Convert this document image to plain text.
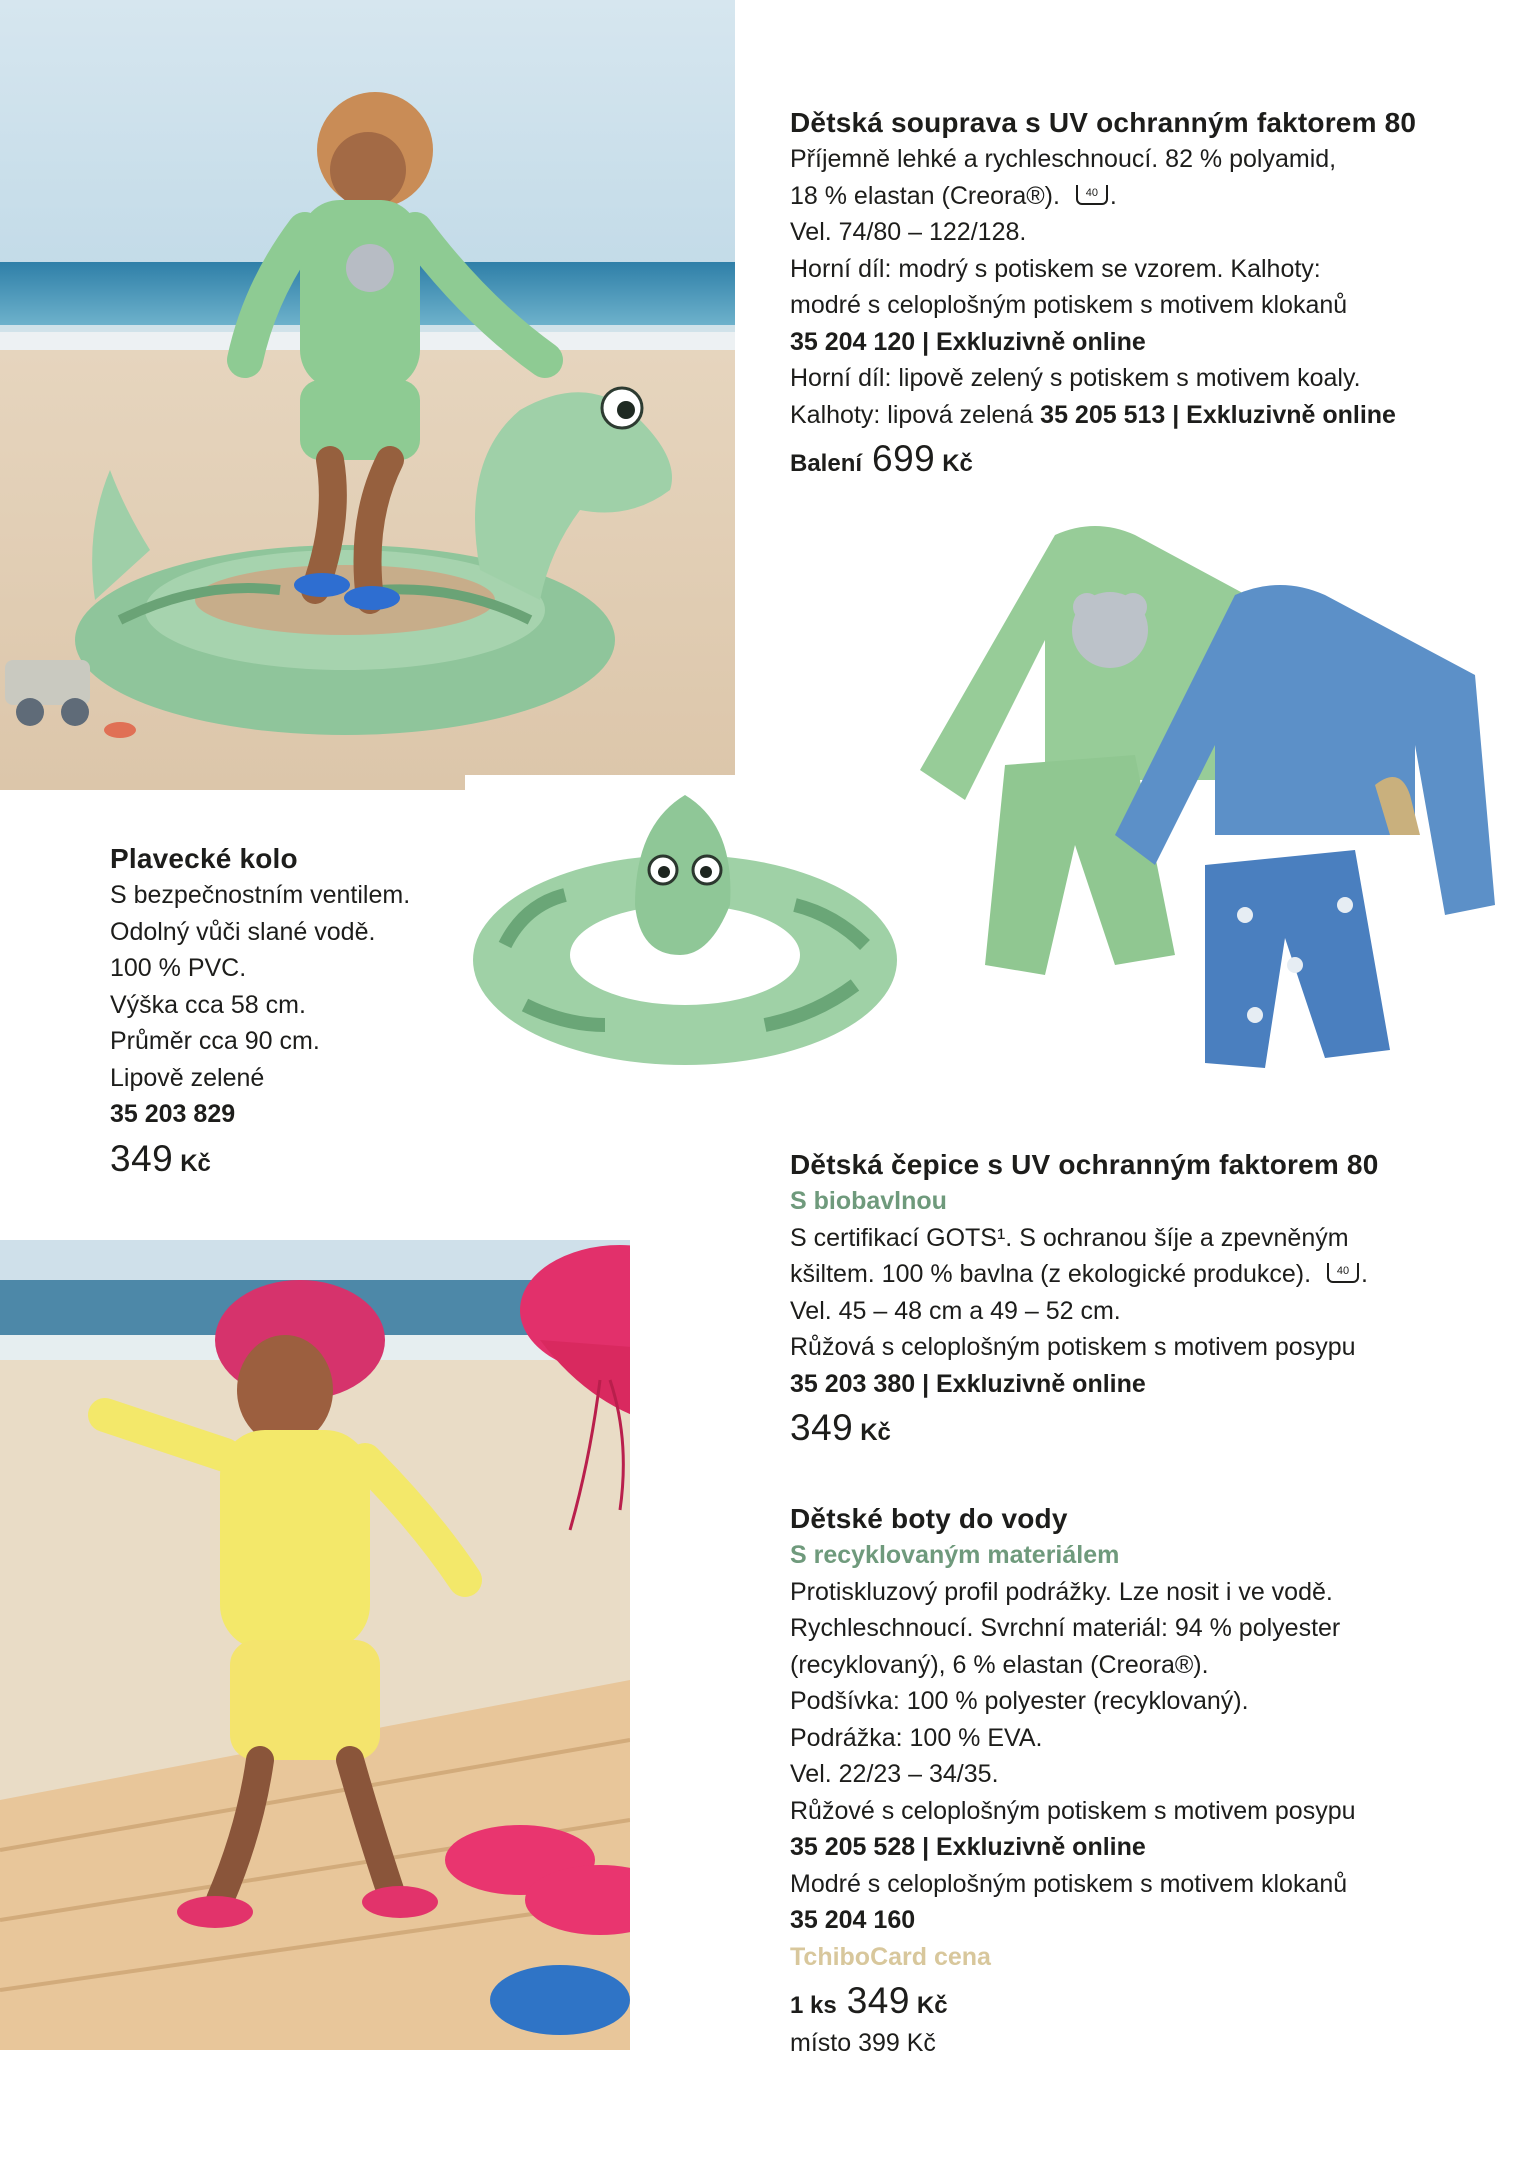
Dětská souprava s UV ochranným faktorem 80
Příjemně lehké a rychleschnoucí. 82 % polyamid,
18 % elastan (Creora®). 40 .
Vel. 74/80 – 122/128.
Horní díl: modrý s potiskem se vzorem. Kalhoty:
modré s celoplošným potiskem s motivem klokanů
35 204 120 | Exkluzivně online
Horní díl: lipově zelený s potiskem s motivem koaly.
Kalhoty: lipová zelená 35 205 513 | Exkluzivně online
Balení 699 Kč
Plavecké kolo
S bezpečnostním ventilem.
Odolný vůči slané vodě.
100 % PVC.
Výška cca 58 cm.
Průměr cca 90 cm.
Lipově zelené
35 203 829
349 Kč	Dětská čepice s UV ochranným faktorem 80
S biobavlnou
S certifikací GOTS¹. S ochranou šíje a zpevněným
kšiltem. 100 % bavlna (z ekologické produkce). 40 .
Vel. 45 – 48 cm a 49 – 52 cm.
Růžová s celoplošným potiskem s motivem posypu
35 203 380 | Exkluzivně online
349 Kč
Dětské boty do vody
S recyklovaným materiálem
Protiskluzový profil podrážky. Lze nosit i ve vodě.
Rychleschnoucí. Svrchní materiál: 94 % polyester
(recyklovaný), 6 % elastan (Creora®).
Podšívka: 100 % polyester (recyklovaný).
Podrážka: 100 % EVA.
Vel. 22/23 – 34/35.
Růžové s celoplošným potiskem s motivem posypu
35 205 528 | Exkluzivně online
Modré s celoplošným potiskem s motivem klokanů
35 204 160
TchiboCard cena
1 ks 349 Kč
místo 399 Kč
